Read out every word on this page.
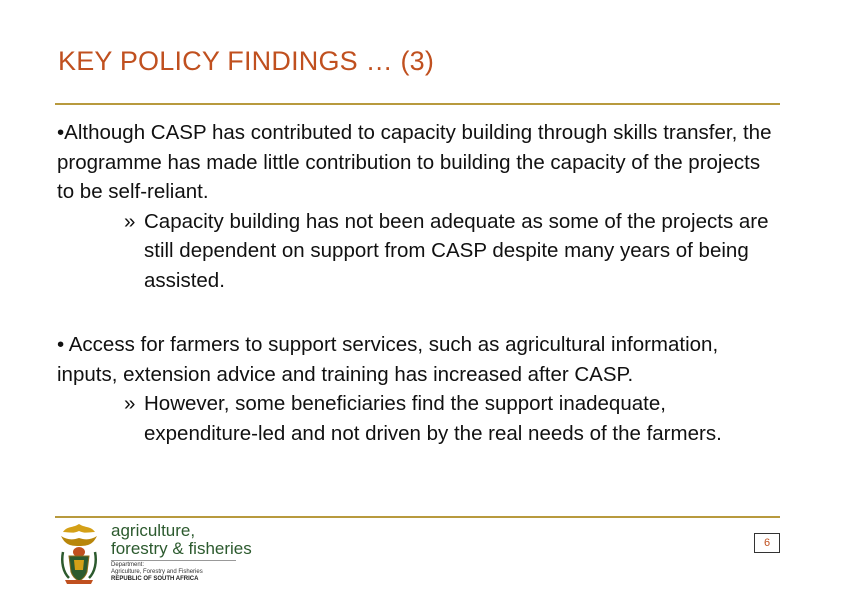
KEY POLICY FINDINGS … (3)

•Although CASP has contributed to capacity building through skills transfer, the programme has made little contribution to building the capacity of the projects to be self-reliant.

» Capacity building has not been adequate as some of the projects are still dependent on support from CASP despite many years of being assisted.

• Access for farmers to support services, such as agricultural information, inputs, extension advice and training has increased after CASP.

» However, some beneficiaries find the support inadequate, expenditure-led and not driven by the real needs of the farmers.

agriculture,
forestry & fisheries
Department:
Agriculture, Forestry and Fisheries
REPUBLIC OF SOUTH AFRICA
6
